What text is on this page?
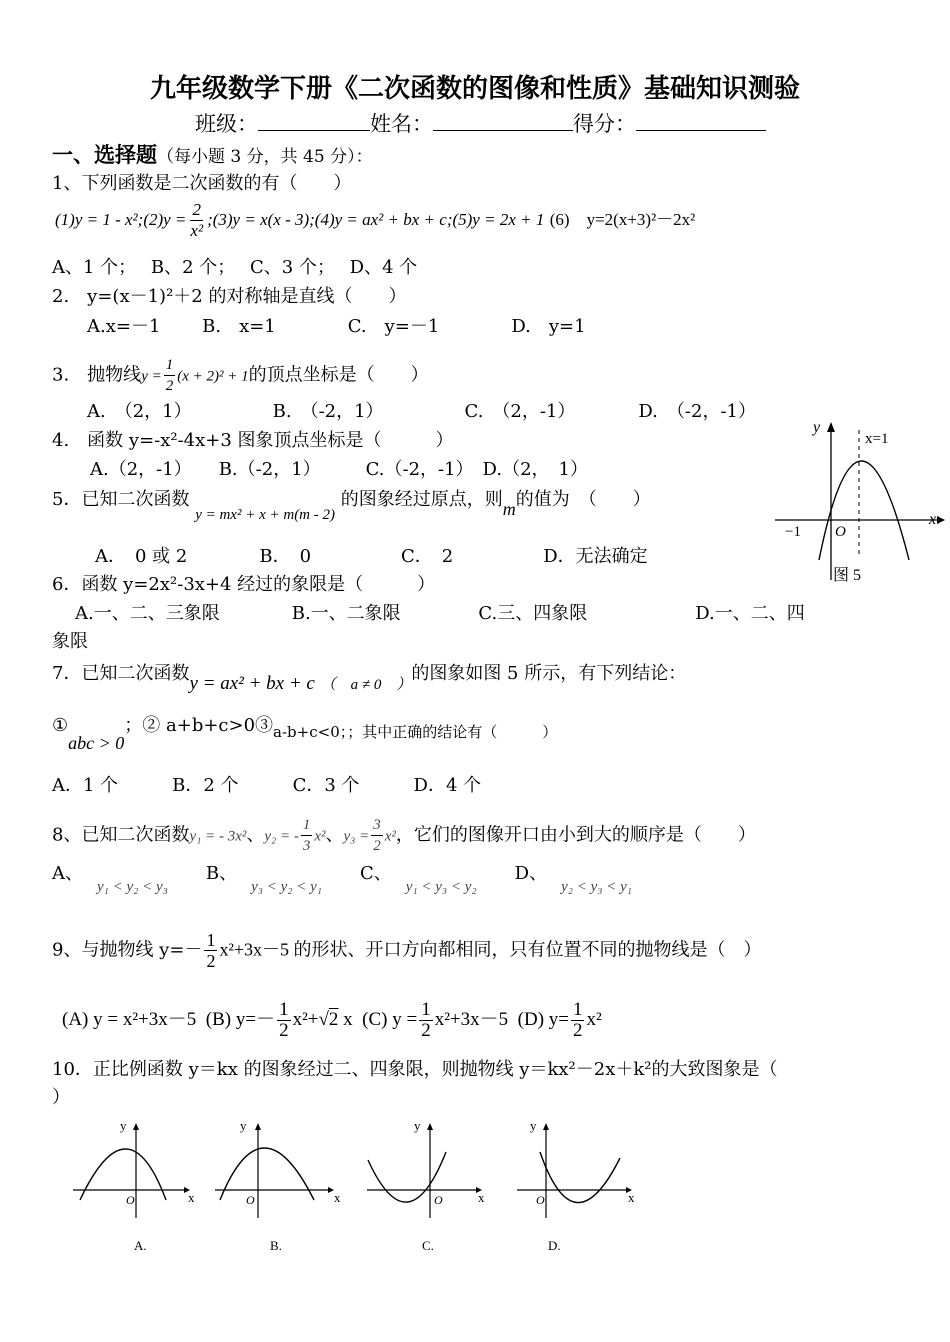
九年级数学下册《二次函数的图像和性质》基础知识测验
班级：	姓名：	得分：
一、选择题（每小题 3 分，共 45 分）：
1、下列函数是二次函数的有（　　）
(1)y = 1 - x²;(2)y = $\frac{2}{\text{x²}}$ ;(3)y = x(x - 3);(4)y = ax² + bx + c;(5)y = 2x + 1 (6)　y=2(x+3)²－2x²
A、1 个；　 B、2 个；　 C、3 个；　 D、4 个
2.　y=(x－1)²＋2 的对称轴是直线（　　）
A.x=－1　　 B.　x=1　　　　C.　y=－1　　　　D.　y=1
3.　抛物线$y = \frac{1}{2} (x + 2)^2 + 1$的顶点坐标是（　　）
A.　（2，1）　　　　　B.　（-2，1）　　　　　C.　（2，-1）　　　　D.　（-2，-1）
4.　函数 y=-x²-4x+3 图象顶点坐标是（　　　）
A.（2，-1）　　B.（-2，1）　　　C.（-2，-1）　D.（2，　1）
5．已知二次函数 $_{y = mx^2 + x + m(m - 2)}$ 的图象经过原点，则m的值为　（　　）
A．　0 或 2　　　　B．　0　　　　　C．　2　　　　　D．无法确定
6．函数 y=2x²-3x+4 经过的象限是（　　　）
A.一、二、三象限　　　　B.一、二象限　　　　 C.三、四象限　　　　　　D.一、二、四
象限
7．已知二次函数y = ax² + bx + c $_{( a \ne 0 )}$的图象如图 5 所示，有下列结论：
①abc > 0；② $a+b+c>0③_{a-b+c<0;;其中正确的结论有( )}$
A．1 个　　　B．2 个　　　C．3 个　　　D．4 个
8、已知二次函数y₁ = - 3x²、y₂ = - $\frac{1}{3} x^2$、$y_3 = \frac{3}{2} x^2$，它们的图像开口由小到大的顺序是（　　）
A、$_{y_1 < y_2 < y_3}$B、$_{y_3 < y_2 < y_1}$C、$_{y_1 < y_3 < y_2}$D、$_{y_2 < y_3 < y_1}$
9、与抛物线 $y=- \frac{1}{2} x^2+3x-5$ 的形状、开口方向都相同，只有位置不同的抛物线是（　）
(A) y = x²+3x－5 (B) $y=- \frac{1}{2} x^2+√2$ x (C) $y = \frac{1}{2} x^2+3x-5$ (D) $y= \frac{1}{2} x^2$
10．正比例函数 y＝kx 的图象经过二、四象限，则抛物线 y＝kx²－2x＋k²的大致图象是（
）
y
x
x=1
O
−1
图 5
y
x
O
A.
y
x
O
B.
y
x
O
C.
y
x
O
D.
